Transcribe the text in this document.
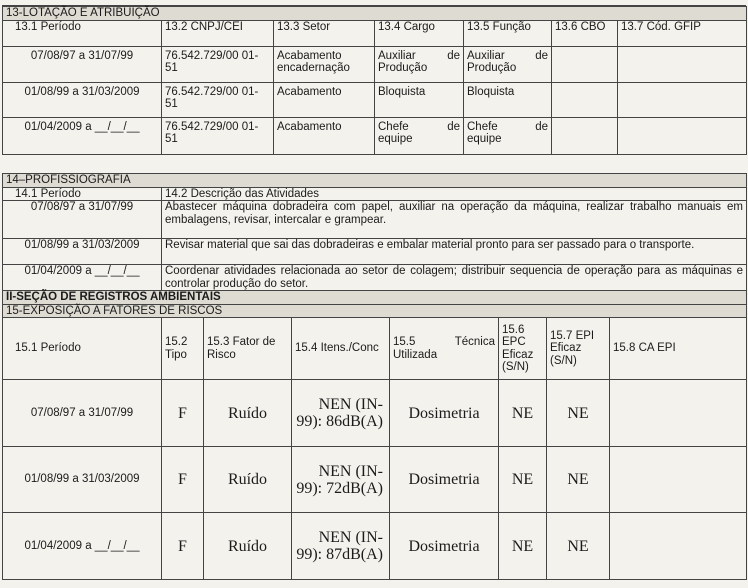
13-LOTAÇÃO E ATRIBUIÇÃO						
13.1 Período	13.2 CNPJ/CEI	13.3 Setor	13.4 Cargo	13.5 Função	13.6 CBO	13.7 Cód. GFIP
07/08/97 a 31/07/99	76.542.729/00 01-51	Acabamento encadernação	Auxiliar de Produção	Auxiliar de Produção		
01/08/99 a 31/03/2009	76.542.729/00 01-51	Acabamento	Bloquista	Bloquista		
01/04/2009 a __/__/__	76.542.729/00 01-51	Acabamento	Chefe de equipe	Chefe de equipe		
14–PROFISSIOGRAFIA	
14.1 Período	14.2 Descrição das Atividades
07/08/97 a 31/07/99	Abastecer máquina dobradeira com papel, auxiliar na operação da máquina, realizar trabalho manuais em embalagens, revisar, intercalar e grampear.
01/08/99 a 31/03/2009	Revisar material que sai das dobradeiras e embalar material pronto para ser passado para o transporte.
01/04/2009 a __/__/__	Coordenar atividades relacionada ao setor de colagem; distribuir sequencia de operação para as máquinas e controlar produção do setor.
II-SEÇÃO DE REGISTROS AMBIENTAIS							
15-EXPOSIÇÃO A FATORES DE RISCOS							
15.1 Período	15.2 Tipo	15.3 Fator de Risco	15.4 Itens./Conc	15.5 Técnica Utilizada	15.6 EPC Eficaz (S/N)	15.7 EPI Eficaz (S/N)	15.8 CA EPI
07/08/97 a 31/07/99	F	Ruído	NEN (IN-99): 86dB(A)	Dosimetria	NE	NE	
01/08/99 a 31/03/2009	F	Ruído	NEN (IN-99): 72dB(A)	Dosimetria	NE	NE	
01/04/2009 a __/__/__	F	Ruído	NEN (IN-99): 87dB(A)	Dosimetria	NE	NE	
